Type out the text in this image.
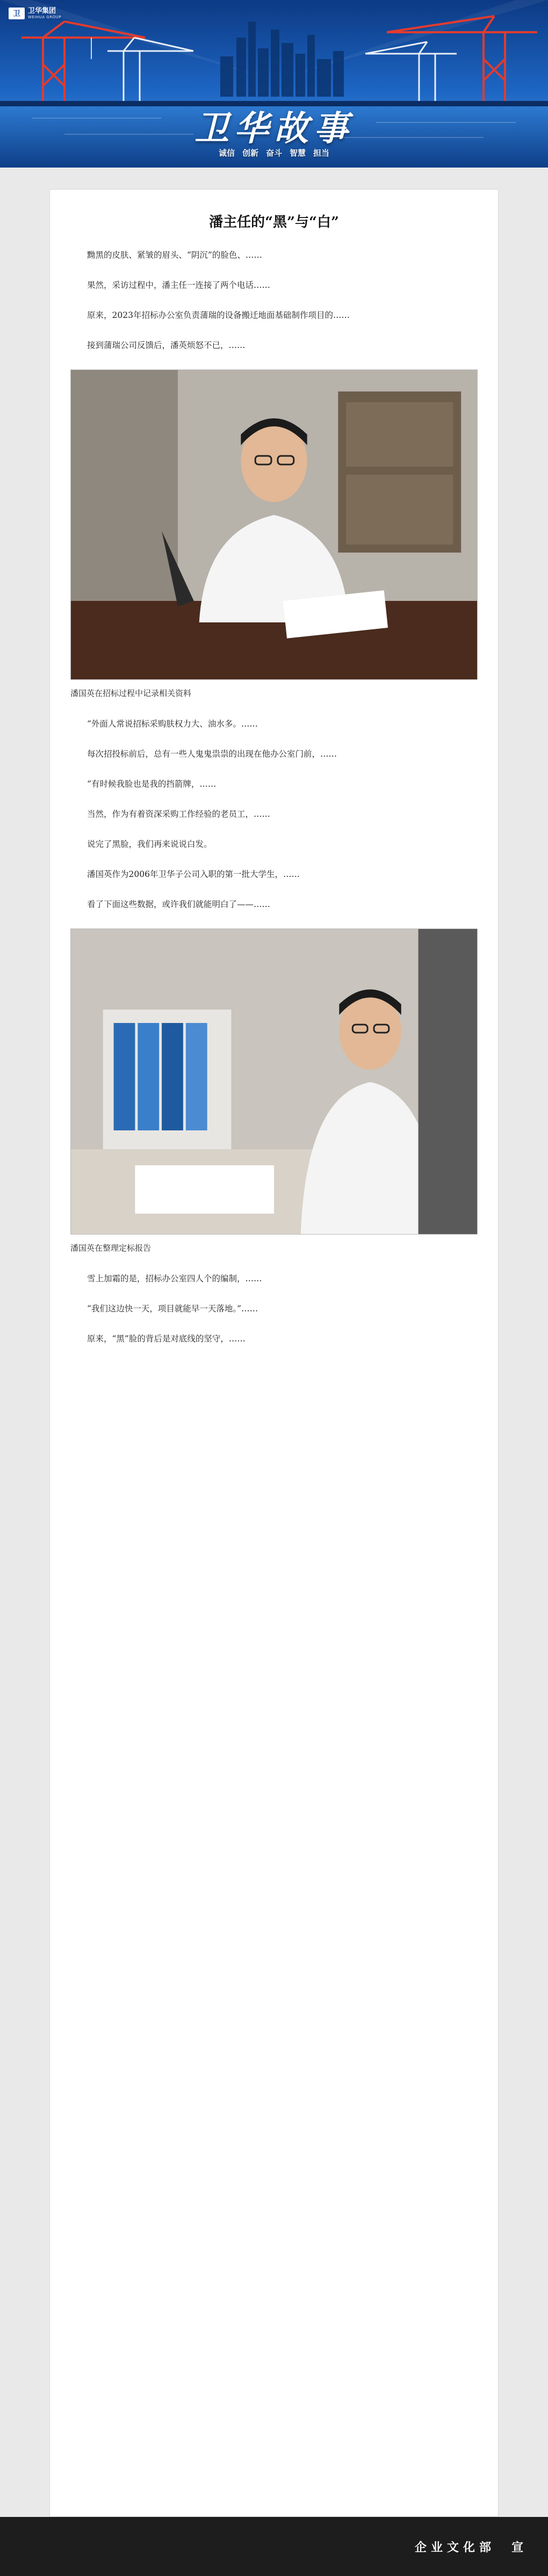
卫	卫华集团
WEIHUA GROUP
卫华故事
诚信 创新 奋斗 智慧 担当
潘主任的“黑”与“白”

黝黑的皮肤、紧皱的眉头、“阴沉”的脸色、……

果然，采访过程中，潘主任一连接了两个电话……

原来，2023年招标办公室负责蒲瑞的设备搬迁地面基础制作项目的……

接到蒲瑞公司反馈后，潘英烦怒不已，……

潘国英在招标过程中记录相关资料

“外面人常说招标采购肤权力大、油水多。……

每次招投标前后，总有一些人鬼鬼祟祟的出现在他办公室门前，……

“有时候我脸也是我的挡箭牌，……

当然，作为有着资深采购工作经验的老员工，……

说完了黑脸，我们再来说说白发。

潘国英作为2006年卫华子公司入职的第一批大学生，……

看了下面这些数据，或许我们就能明白了——……

潘国英在整理定标报告

雪上加霜的是，招标办公室四人个的编制，……

“我们这边快一天，项目就能早一天落地。”……

原来，“黑”脸的背后是对底线的坚守，……

企业文化部　宣
